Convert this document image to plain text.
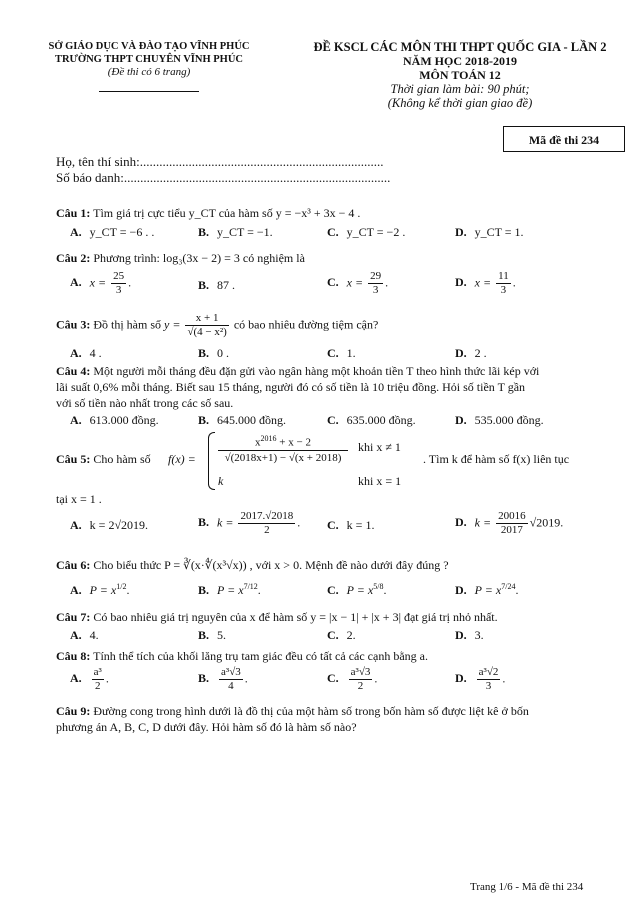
SỞ GIÁO DỤC VÀ ĐÀO TẠO VĨNH PHÚC
TRƯỜNG THPT CHUYÊN VĨNH PHÚC
(Đề thi có 6 trang)
ĐỀ KSCL CÁC MÔN THI THPT QUỐC GIA - LẦN 2
NĂM HỌC 2018-2019
MÔN TOÁN 12
Thời gian làm bài: 90 phút;
(Không kể thời gian giao đề)
Mã đề thi 234
Họ, tên thí sinh:...........................................................................
Số báo danh:..................................................................................
Câu 1: Tìm giá trị cực tiểu y_CT của hàm số y = −x³ + 3x − 4 .
A. y_CT = −6 . .	B. y_CT = −1.	C. y_CT = −2 .	D. y_CT = 1.
Câu 2: Phương trình: log₃(3x − 2) = 3 có nghiệm là
A. $x = \frac{25}{3}$ .	B. 87 .	C. $x = \frac{29}{3}$ .	D. $x = \frac{11}{3}$ .
Câu 3: Đồ thị hàm số $y = \frac{x + 1}{\text{√(4 − x²)}}$ có bao nhiêu đường tiệm cận?
A. 4 .	B. 0 .	C. 1.	D. 2 .
Câu 4: Một người mỗi tháng đều đặn gửi vào ngân hàng một khoản tiền T theo hình thức lãi kép với
lãi suất 0,6% mỗi tháng. Biết sau 15 tháng, người đó có số tiền là 10 triệu đồng. Hỏi số tiền T gần
với số tiền nào nhất trong các số sau.
A. 613.000 đồng.	B. 645.000 đồng.	C. 635.000 đồng.	D. 535.000 đồng.
Câu 5: Cho hàm số f(x) =
$x^{2016} + x - 2$
√(2018x+1) − √(x + 2018)
khi x ≠ 1
k	khi x = 1
. Tìm k để hàm số f(x) liên tục
tại x = 1 .
A. k = 2√2019.	B. $k = \frac{2017.√2018}{2}$ . C. k = 1.	D. $k = \frac{20016}{2017} √2019$.
Câu 6: Cho biểu thức P = ∛(x·∜(x³√x)) , với x > 0. Mệnh đề nào dưới đây đúng ?
A. $P = x^{1/2}$.	B. $P = x^{7/12}$.	C. $P = x^{5/8}$.	D. $P = x^{7/24}$.
Câu 7: Có bao nhiêu giá trị nguyên của x để hàm số y = |x − 1| + |x + 3| đạt giá trị nhỏ nhất.
A. 4.	B. 5.	C. 2.	D. 3.
Câu 8: Tính thể tích của khối lăng trụ tam giác đều có tất cả các cạnh bằng a.
A. $\frac{\text{a³}}{2}$ .	B. $\frac{\text{a³√3}}{4}$ .	C. $\frac{\text{a³√3}}{2}$ .	D. $\frac{\text{a³√2}}{3}$ .
Câu 9: Đường cong trong hình dưới là đồ thị của một hàm số trong bốn hàm số được liệt kê ở bốn
phương án A, B, C, D dưới đây. Hỏi hàm số đó là hàm số nào?
Trang 1/6 - Mã đề thi 234
